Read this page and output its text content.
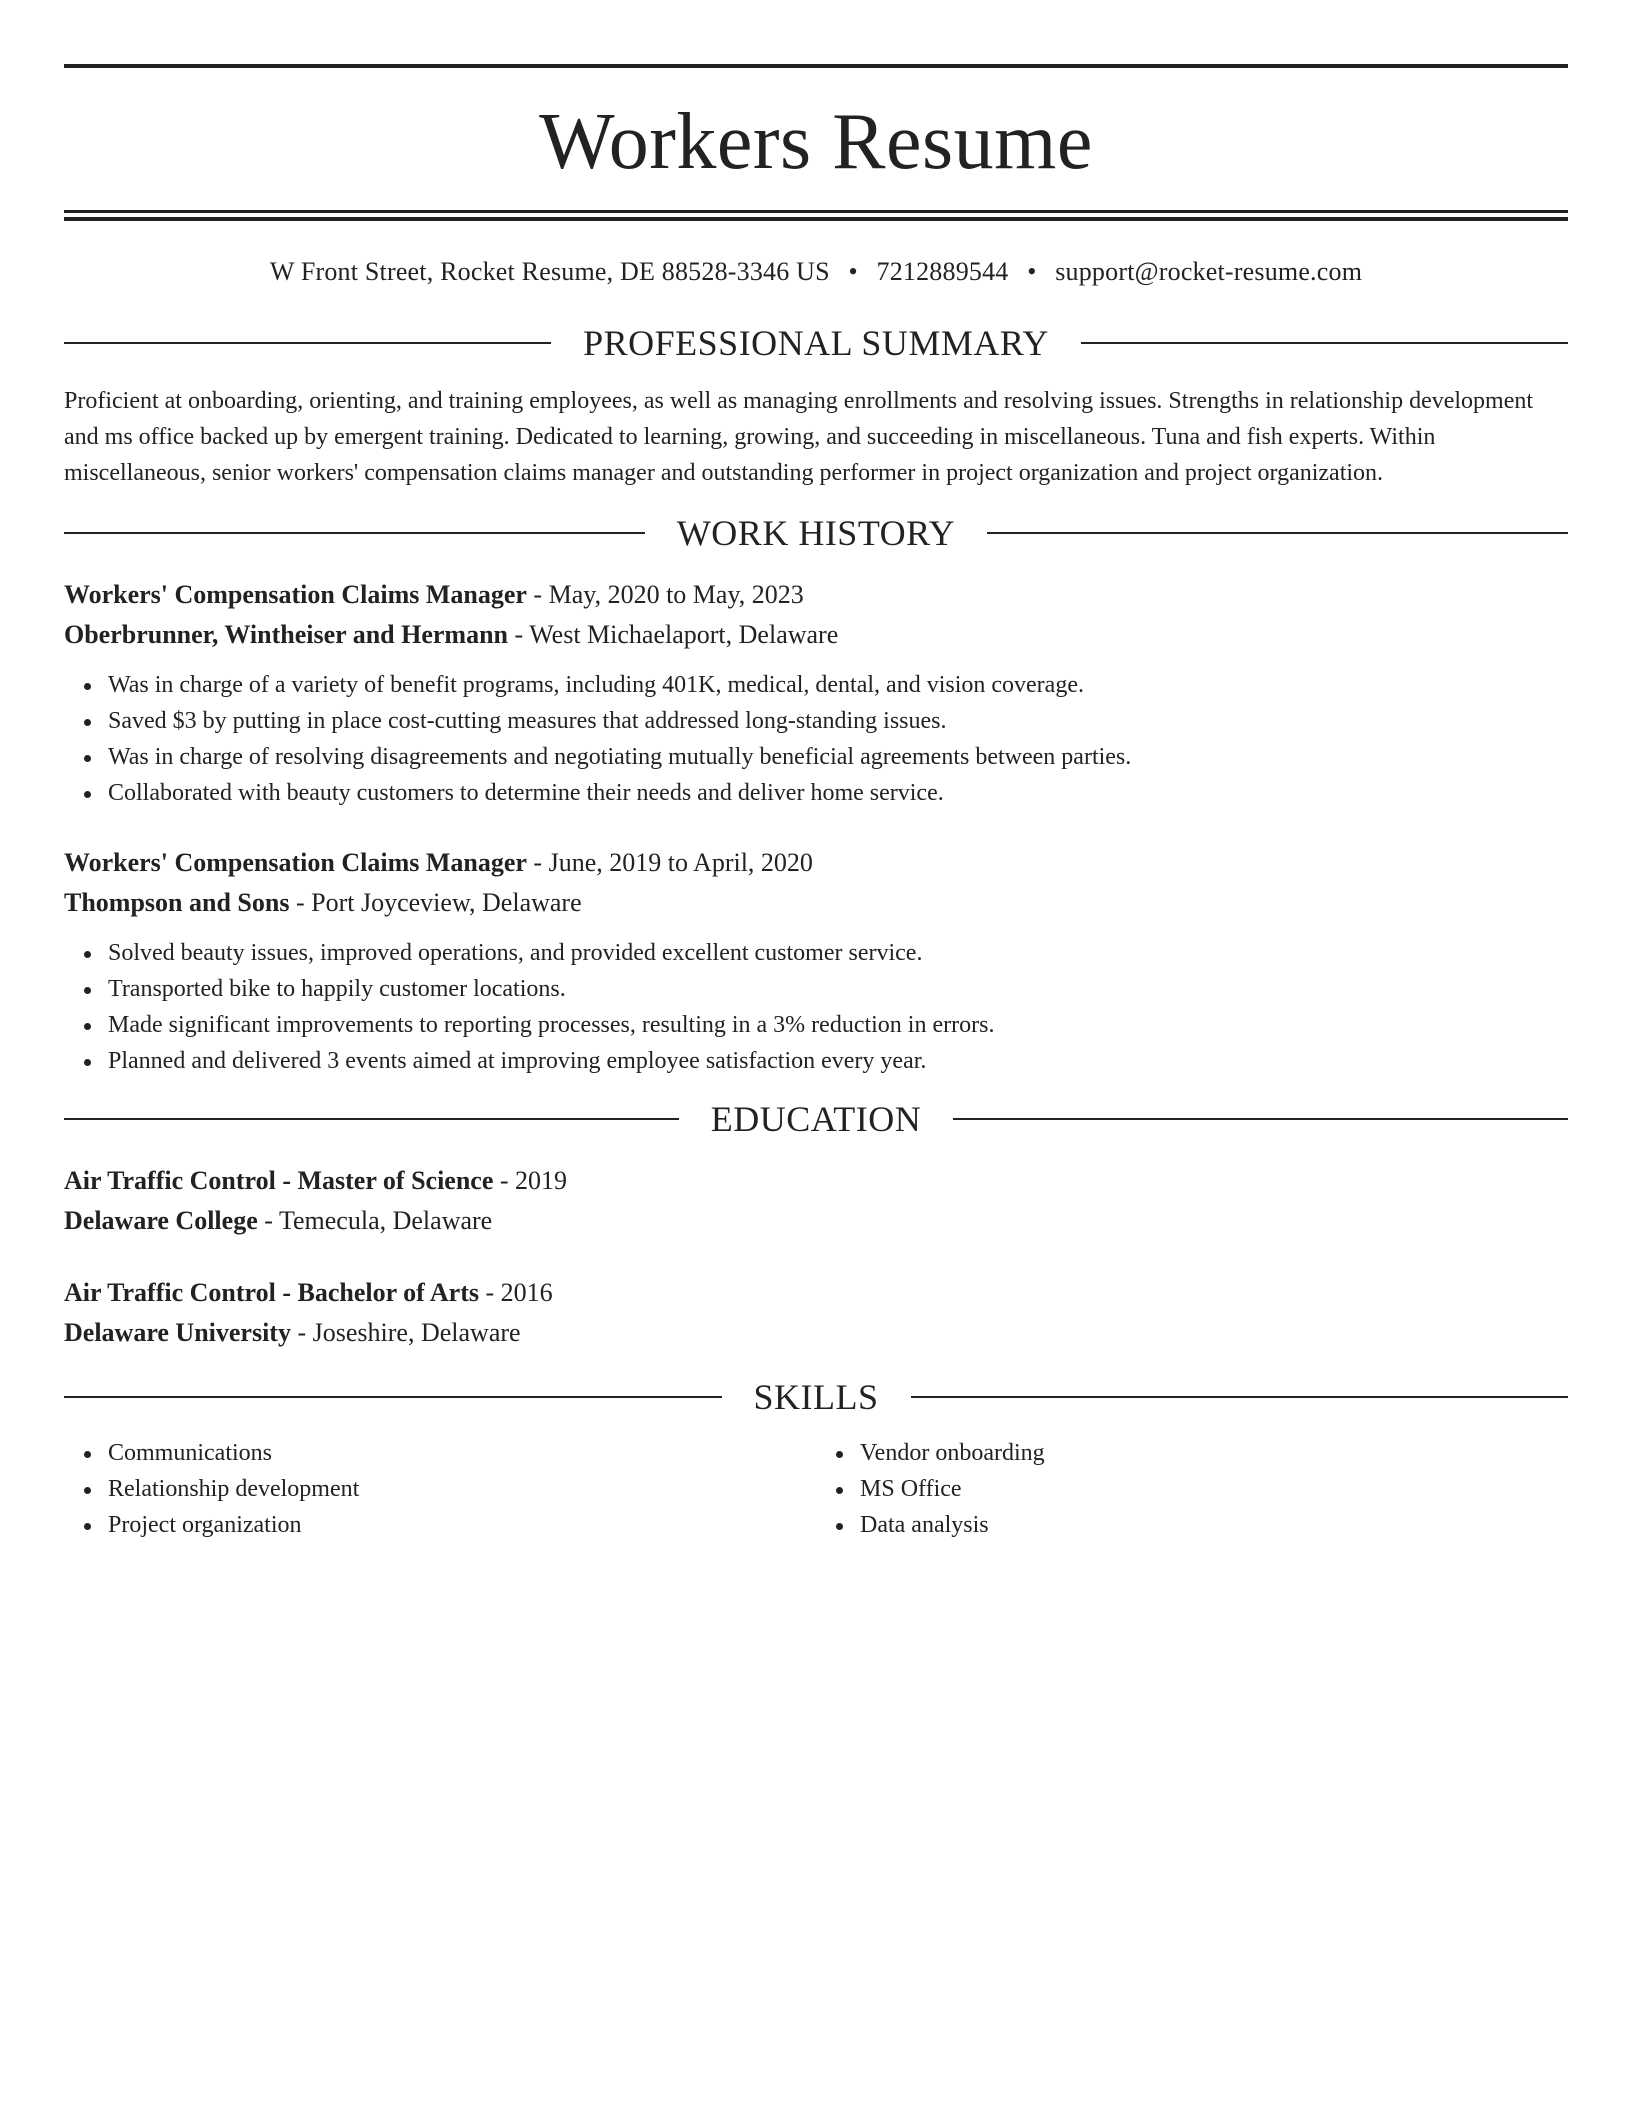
Workers Resume
W Front Street, Rocket Resume, DE 88528-3346 US • 7212889544 • support@rocket-resume.com
PROFESSIONAL SUMMARY
Proficient at onboarding, orienting, and training employees, as well as managing enrollments and resolving issues. Strengths in relationship development and ms office backed up by emergent training. Dedicated to learning, growing, and succeeding in miscellaneous. Tuna and fish experts. Within miscellaneous, senior workers' compensation claims manager and outstanding performer in project organization and project organization.
WORK HISTORY
Workers' Compensation Claims Manager - May, 2020 to May, 2023
Oberbrunner, Wintheiser and Hermann - West Michaelaport, Delaware
Was in charge of a variety of benefit programs, including 401K, medical, dental, and vision coverage.
Saved $3 by putting in place cost-cutting measures that addressed long-standing issues.
Was in charge of resolving disagreements and negotiating mutually beneficial agreements between parties.
Collaborated with beauty customers to determine their needs and deliver home service.
Workers' Compensation Claims Manager - June, 2019 to April, 2020
Thompson and Sons - Port Joyceview, Delaware
Solved beauty issues, improved operations, and provided excellent customer service.
Transported bike to happily customer locations.
Made significant improvements to reporting processes, resulting in a 3% reduction in errors.
Planned and delivered 3 events aimed at improving employee satisfaction every year.
EDUCATION
Air Traffic Control - Master of Science - 2019
Delaware College - Temecula, Delaware
Air Traffic Control - Bachelor of Arts - 2016
Delaware University - Joseshire, Delaware
SKILLS
Communications
Relationship development
Project organization
Vendor onboarding
MS Office
Data analysis
